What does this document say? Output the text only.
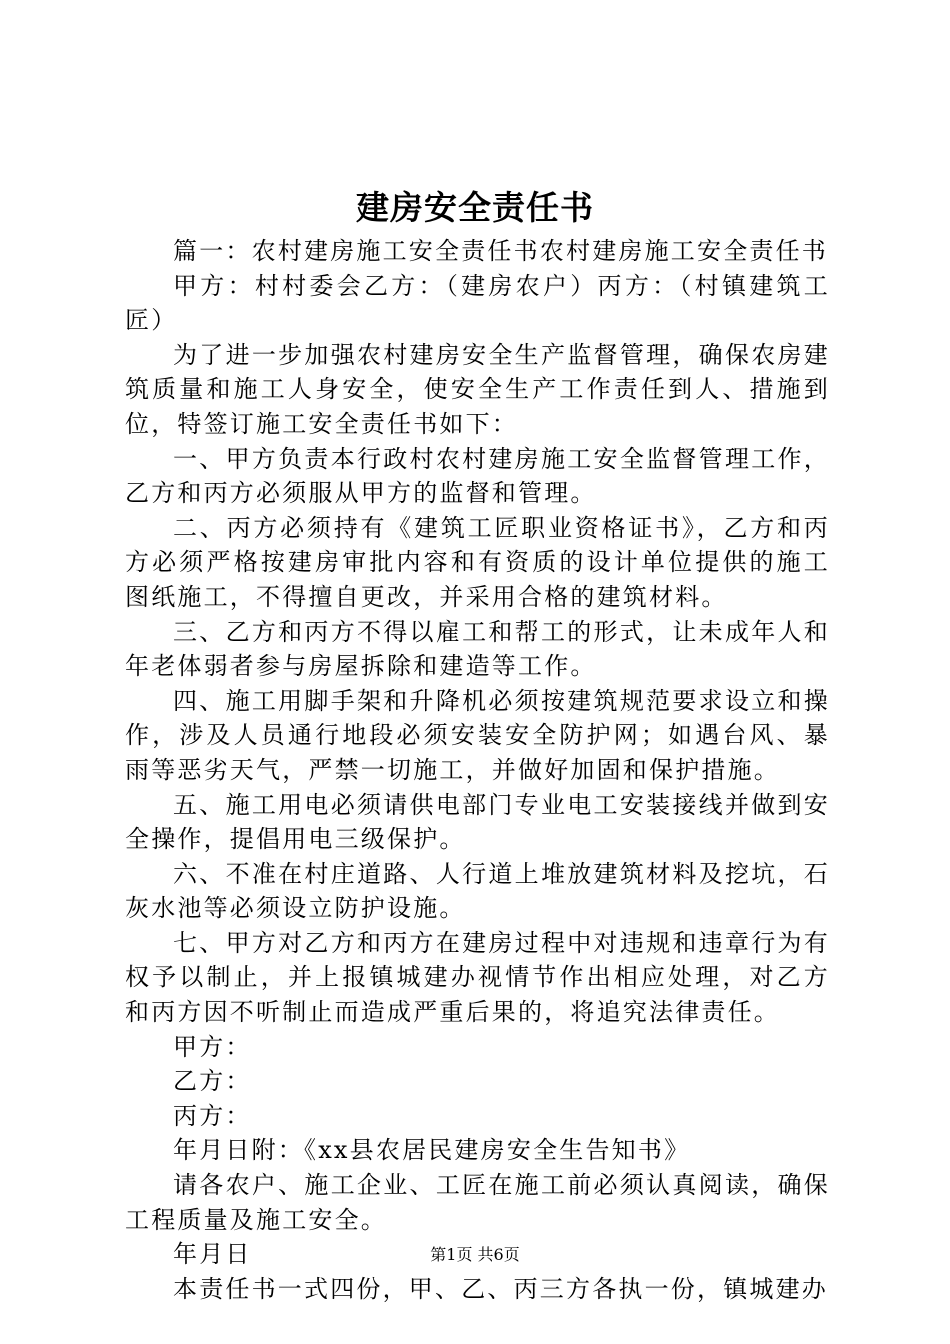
建房安全责任书

篇一：农村建房施工安全责任书农村建房施工安全责任书

甲方：村村委会乙方：（建房农户）丙方：（村镇建筑工匠）

为了进一步加强农村建房安全生产监督管理，确保农房建筑质量和施工人身安全，使安全生产工作责任到人、措施到位，特签订施工安全责任书如下：

一、甲方负责本行政村农村建房施工安全监督管理工作，乙方和丙方必须服从甲方的监督和管理。

二、丙方必须持有《建筑工匠职业资格证书》，乙方和丙方必须严格按建房审批内容和有资质的设计单位提供的施工图纸施工，不得擅自更改，并采用合格的建筑材料。

三、乙方和丙方不得以雇工和帮工的形式，让未成年人和年老体弱者参与房屋拆除和建造等工作。

四、施工用脚手架和升降机必须按建筑规范要求设立和操作，涉及人员通行地段必须安装安全防护网；如遇台风、暴雨等恶劣天气，严禁一切施工，并做好加固和保护措施。

五、施工用电必须请供电部门专业电工安装接线并做到安全操作，提倡用电三级保护。

六、不准在村庄道路、人行道上堆放建筑材料及挖坑，石灰水池等必须设立防护设施。

七、甲方对乙方和丙方在建房过程中对违规和违章行为有权予以制止，并上报镇城建办视情节作出相应处理，对乙方和丙方因不听制止而造成严重后果的，将追究法律责任。

甲方：

乙方：

丙方：

年月日附：《xx县农居民建房安全生告知书》

请各农户、施工企业、工匠在施工前必须认真阅读，确保工程质量及施工安全。

年月日

本责任书一式四份，甲、乙、丙三方各执一份，镇城建办

第1页 共6页
